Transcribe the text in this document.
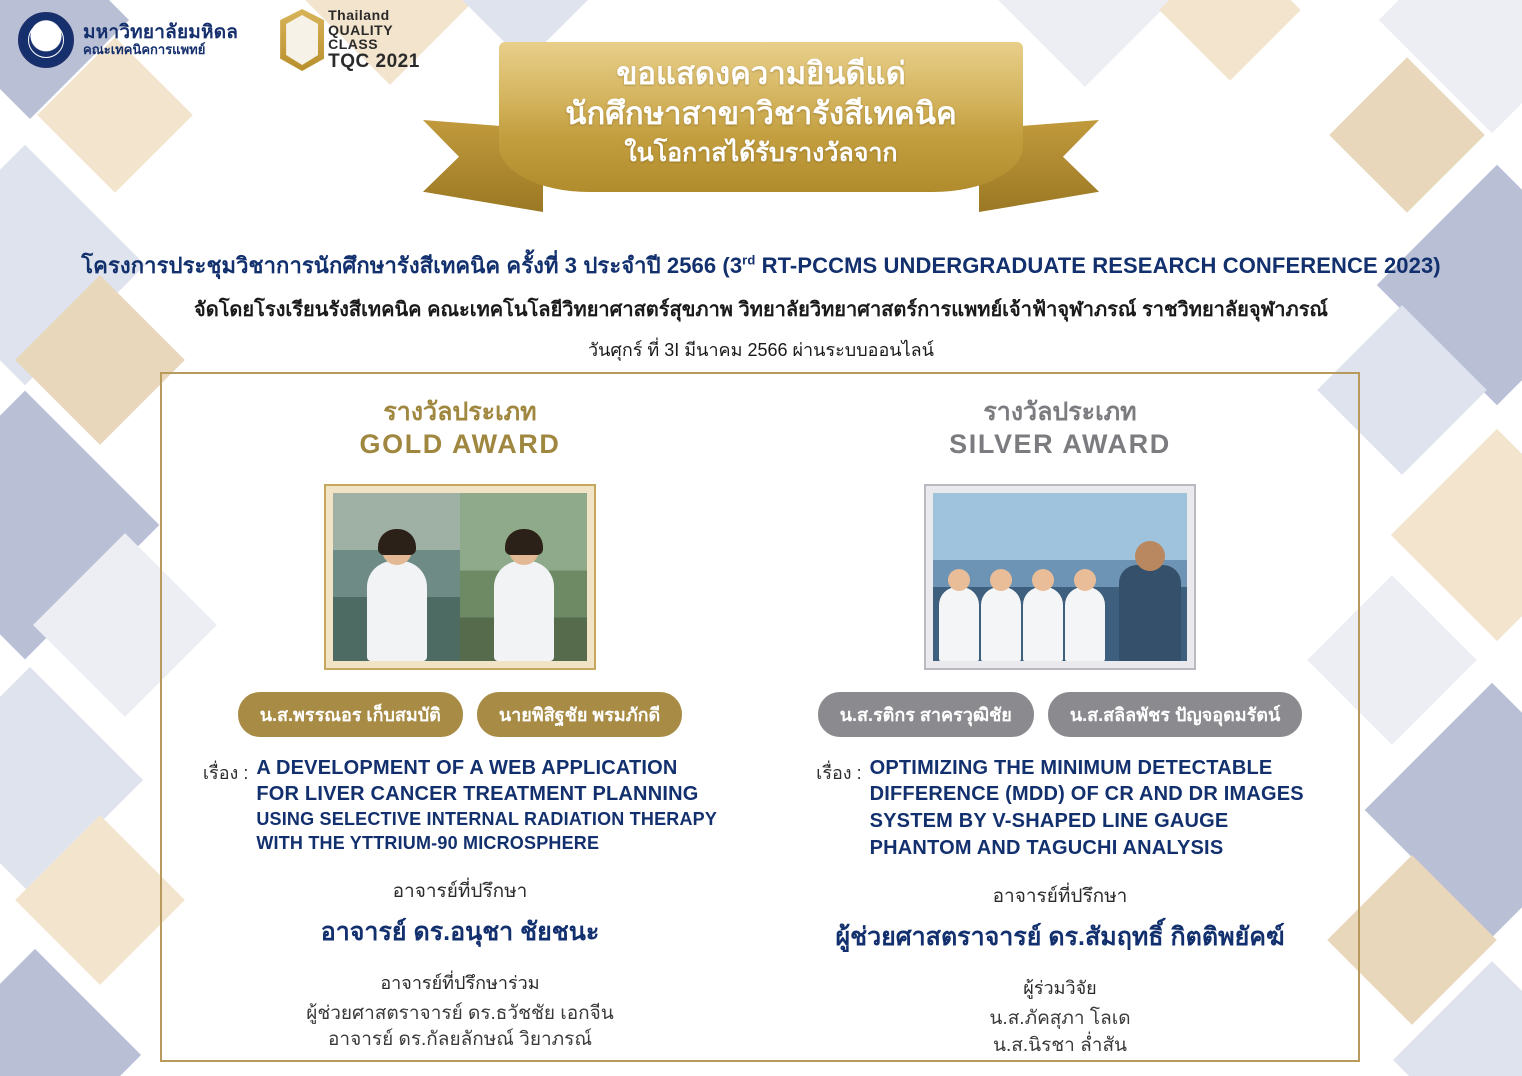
มหาวิทยาลัยมหิดล
คณะเทคนิคการแพทย์
Thailand
QUALITY
CLASS
TQC 2021	ขอแสดงความยินดีแด่
นักศึกษาสาขาวิชารังสีเทคนิค
ในโอกาสได้รับรางวัลจาก
โครงการประชุมวิชาการนักศึกษารังสีเทคนิค ครั้งที่ 3 ประจำปี 2566 (3rd RT-PCCMS UNDERGRADUATE RESEARCH CONFERENCE 2023)
จัดโดยโรงเรียนรังสีเทคนิค คณะเทคโนโลยีวิทยาศาสตร์สุขภาพ วิทยาลัยวิทยาศาสตร์การแพทย์เจ้าฟ้าจุฬาภรณ์ ราชวิทยาลัยจุฬาภรณ์
วันศุกร์ ที่ 3I มีนาคม 2566 ผ่านระบบออนไลน์
รางวัลประเภท
GOLD AWARD
น.ส.พรรณอร เก็บสมบัติ	นายพิสิฐชัย พรมภักดี
เรื่อง : A DEVELOPMENT OF A WEB APPLICATION
FOR LIVER CANCER TREATMENT PLANNING
USING SELECTIVE INTERNAL RADIATION THERAPY
WITH THE YTTRIUM-90 MICROSPHERE
อาจารย์ที่ปรึกษา
อาจารย์ ดร.อนุชา ชัยชนะ
อาจารย์ที่ปรึกษาร่วม
ผู้ช่วยศาสตราจารย์ ดร.ธวัชชัย เอกจีน
อาจารย์ ดร.กัลยลักษณ์ วิยาภรณ์
รางวัลประเภท
SILVER AWARD
น.ส.รติกร สาครวุฒิชัย	น.ส.สลิลพัชร ปัญจอุดมรัตน์
เรื่อง : OPTIMIZING THE MINIMUM DETECTABLE
DIFFERENCE (MDD) OF CR AND DR IMAGES
SYSTEM BY V-SHAPED LINE GAUGE
PHANTOM AND TAGUCHI ANALYSIS
อาจารย์ที่ปรึกษา
ผู้ช่วยศาสตราจารย์ ดร.สัมฤทธิ์ กิตติพยัคฆ์
ผู้ร่วมวิจัย
น.ส.ภัคสุภา โลเด
น.ส.นิรชา ล่ำสัน
